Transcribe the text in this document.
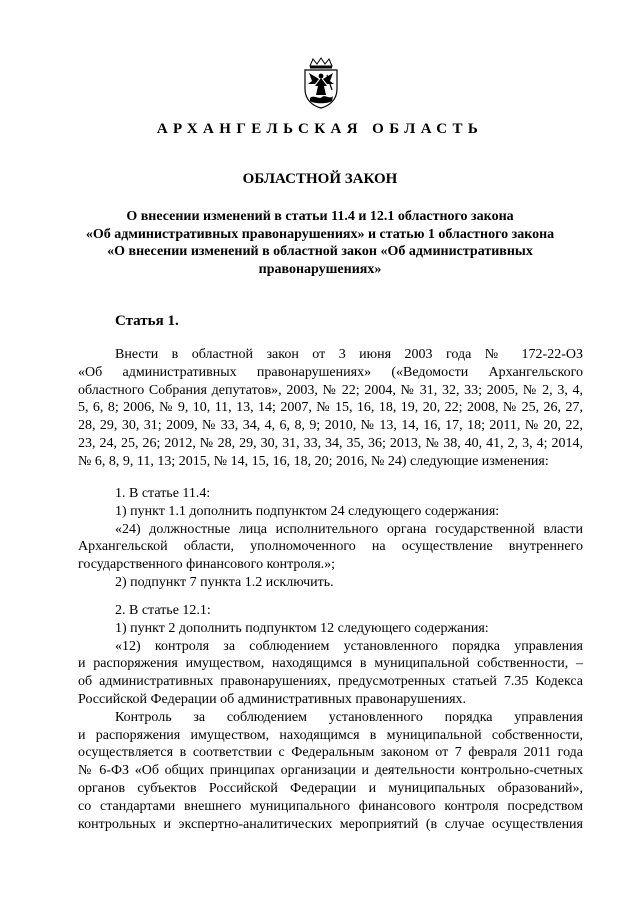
АРХАНГЕЛЬСКАЯ ОБЛАСТЬ
ОБЛАСТНОЙ ЗАКОН
О внесении изменений в статьи 11.4 и 12.1 областного закона
«Об административных правонарушениях» и статью 1 областного закона
«О внесении изменений в областной закон «Об административных
правонарушениях»
Статья 1.
Внести в областной закон от 3 июня 2003 года № 172-22-ОЗ
«Об административных правонарушениях» («Ведомости Архангельского
областного Собрания депутатов», 2003, № 22; 2004, № 31, 32, 33; 2005, № 2, 3, 4,
5, 6, 8; 2006, № 9, 10, 11, 13, 14; 2007, № 15, 16, 18, 19, 20, 22; 2008, № 25, 26, 27,
28, 29, 30, 31; 2009, № 33, 34, 4, 6, 8, 9; 2010, № 13, 14, 16, 17, 18; 2011, № 20, 22,
23, 24, 25, 26; 2012, № 28, 29, 30, 31, 33, 34, 35, 36; 2013, № 38, 40, 41, 2, 3, 4; 2014,
№ 6, 8, 9, 11, 13; 2015, № 14, 15, 16, 18, 20; 2016, № 24) следующие изменения:
1. В статье 11.4:
1) пункт 1.1 дополнить подпунктом 24 следующего содержания:
«24) должностные лица исполнительного органа государственной власти
Архангельской области, уполномоченного на осуществление внутреннего
государственного финансового контроля.»;
2) подпункт 7 пункта 1.2 исключить.
2. В статье 12.1:
1) пункт 2 дополнить подпунктом 12 следующего содержания:
«12) контроля за соблюдением установленного порядка управления
и распоряжения имуществом, находящимся в муниципальной собственности, –
об административных правонарушениях, предусмотренных статьей 7.35 Кодекса
Российской Федерации об административных правонарушениях.
Контроль за соблюдением установленного порядка управления
и распоряжения имуществом, находящимся в муниципальной собственности,
осуществляется в соответствии с Федеральным законом от 7 февраля 2011 года
№ 6-ФЗ «Об общих принципах организации и деятельности контрольно-счетных
органов субъектов Российской Федерации и муниципальных образований»,
со стандартами внешнего муниципального финансового контроля посредством
контрольных и экспертно-аналитических мероприятий (в случае осуществления
